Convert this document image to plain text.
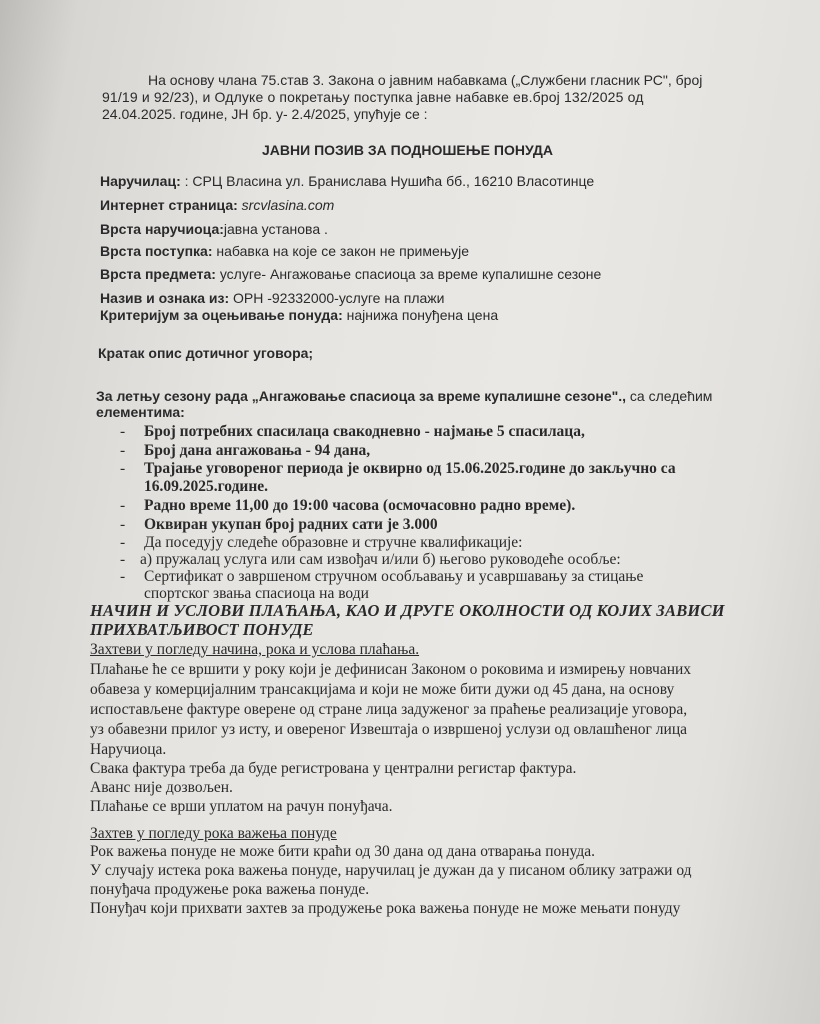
На основу члана 75.став 3. Закона о јавним набавкама („Службени гласник РС", број

91/19 и 92/23), и Одлуке о покретању поступка јавне набавке ев.број 132/2025 од

24.04.2025. године, ЈН бр. у- 2.4/2025, упућује се :

ЈАВНИ ПОЗИВ ЗА ПОДНОШЕЊЕ ПОНУДА

Наручилац: : СРЦ Власина ул. Бранислава Нушића бб., 16210 Власотинце

Интернет страница: srcvlasina.com

Врста наручиоца:јавна установа .

Врста поступка: набавка на које се закон не примењује

Врста предмета: услуге- Ангажовање спасиоца за време купалишне сезоне

Назив и ознака из: ОРН -92332000-услуге на плажи

Критеријум за оцењивање понуда: најнижа понуђена цена

Кратак опис дотичног уговора;

За летњу сезону рада „Ангажовање спасиоца за време купалишне сезоне"., са следећим

елементима:

- Број потребних спасилаца свакодневно - најмање 5 спасилаца,

- Број дана ангажовања - 94 дана,

- Трајање уговореног периода је оквирно од 15.06.2025.године до закључно са

16.09.2025.године.

- Радно време 11,00 до 19:00 часова (осмочасовно радно време).

- Оквиран укупан број радних сати је 3.000

- Да поседују следеће образовне и стручне квалификације:

- а) пружалац услуга или сам извођач и/или б) његово руководеће особље:

- Сертификат о завршеном стручном особљавању и усавршавању за стицање

спортског звања спасиоца на води

НАЧИН И УСЛОВИ ПЛАЋАЊА, КАО И ДРУГЕ ОКОЛНОСТИ ОД КОЈИХ ЗАВИСИ

ПРИХВАТЉИВОСТ ПОНУДЕ

Захтеви у погледу начина, рока и услова плаћања.

Плаћање ће се вршити у року који је дефинисан Законом о роковима и измирењу новчаних

обавеза у комерцијалним трансакцијама и који не може бити дужи од 45 дана, на основу

испостављене фактуре оверене од стране лица задуженог за праћење реализације уговора,

уз обавезни прилог уз исту, и овереног Извештаја о извршеној услузи од овлашћеног лица

Наручиоца.

Свака фактура треба да буде регистрована у централни регистар фактура.

Аванс није дозвољен.

Плаћање се врши уплатом на рачун понуђача.

Захтев у погледу рока важења понуде

Рок важења понуде не може бити краћи од 30 дана од дана отварања понуда.

У случају истека рока важења понуде, наручилац је дужан да у писаном облику затражи од

понуђача продужење рока важења понуде.

Понуђач који прихвати захтев за продужење рока важења понуде не може мењати понуду
